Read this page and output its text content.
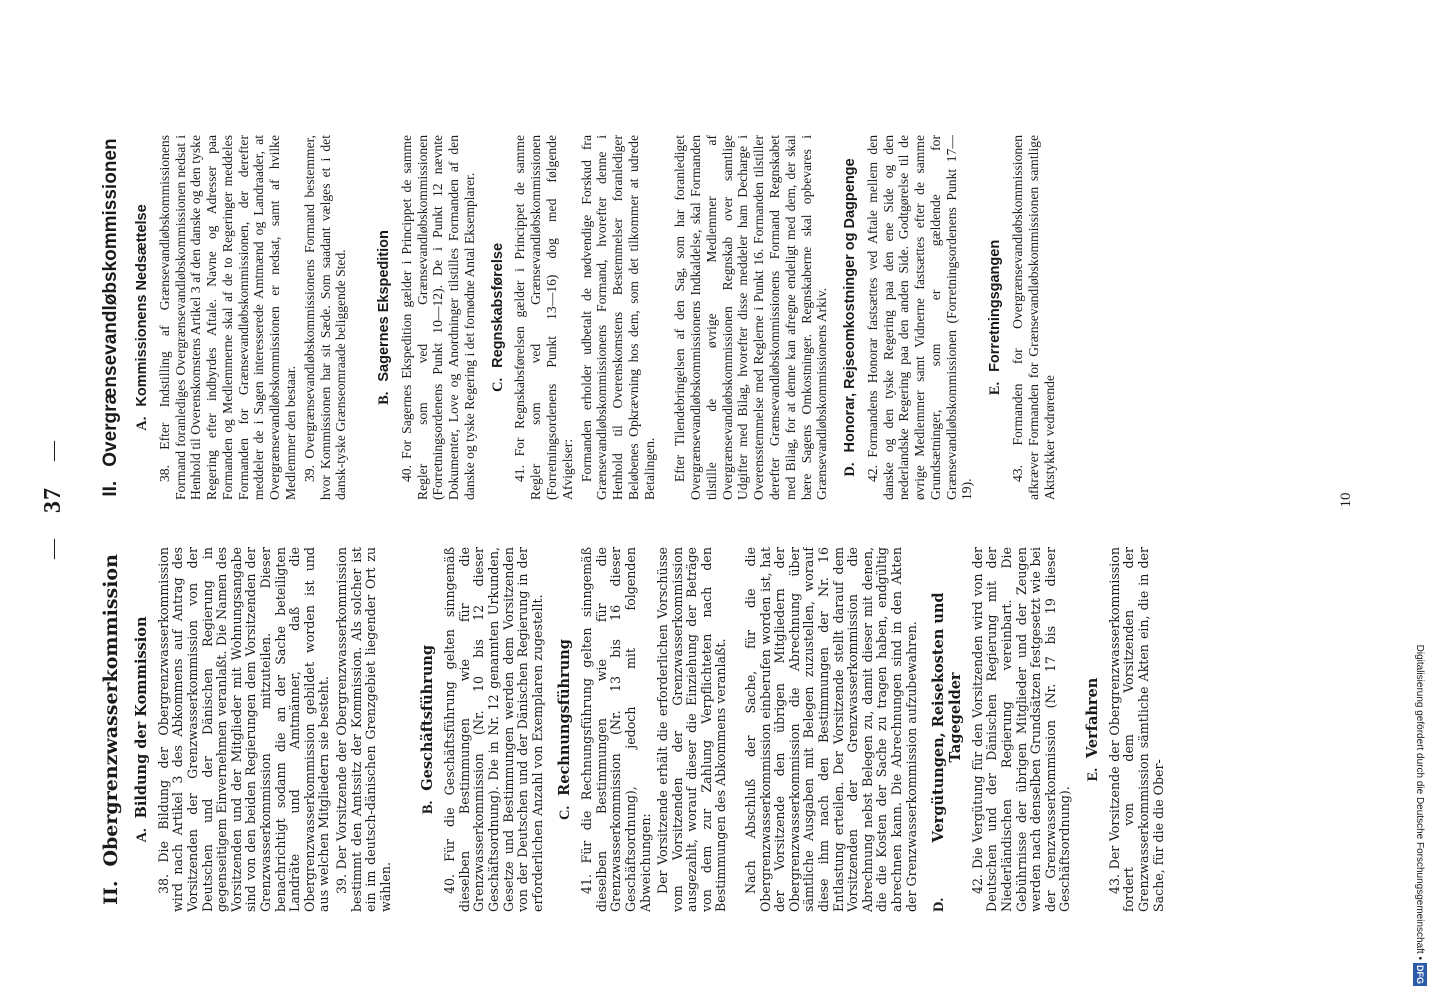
—
37
—
II.
Obergrenzwasserkommission A.
Bildung der Kommission 38. Die Bildung der Obergrenzwasserkommission wird nach Artikel 3 des Abkommens auf Antrag des Vorsitzenden der Grenzwasserkommission von der Deutschen und der Dänischen Regierung in gegenseitigem Einvernehmen veranlaßt. Die Namen des Vorsitzenden und der Mitglieder mit Wohnungsangabe sind von den beiden Regierungen dem Vorsitzenden der Grenzwasserkommission mitzuteilen. Dieser benachrichtigt sodann die an der Sache beteiligten Landräte und Amtmänner, daß die Obergrenzwasserkommission gebildet worden ist und aus welchen Mitgliedern sie besteht. 39. Der Vorsitzende der Obergrenzwasserkommission bestimmt den Amtssitz der Kommission. Als solcher ist ein im deutsch-dänischen Grenzgebiet liegender Ort zu wählen.

B.
Geschäftsführung 40. Für die Geschäftsführung gelten sinngemäß dieselben Bestimmungen wie für die Grenzwasserkommission (Nr. 10 bis 12 dieser Geschäftsordnung). Die in Nr. 12 genannten Urkunden, Gesetze und Bestimmungen werden dem Vorsitzenden von der Deutschen und der Dänischen Regierung in der erforderlichen Anzahl von Exemplaren zugestellt. C.
Rechnungsführung 41. Für die Rechnungsführung gelten sinngemäß dieselben Bestimmungen wie für die Grenzwasserkommission (Nr. 13 bis 16 dieser Geschäftsordnung), jedoch mit folgenden Abweichungen: Der Vorsitzende erhält die erforderlichen Vorschüsse vom Vorsitzenden der Grenzwasserkommission ausgezahlt, worauf dieser die Einziehung der Beträge von dem zur Zahlung Verpflichteten nach den Bestimmungen des Abkommens veranlaßt. Nach Abschluß der Sache, für die die Obergrenzwasserkommission einberufen worden ist, hat der Vorsitzende den übrigen Mitgliedern der Obergrenzwasserkommission die Abrechnung über sämtliche Ausgaben mit Belegen zuzustellen, worauf diese ihm nach den Bestimmungen der Nr. 16 Entlastung erteilen. Der Vorsitzende stellt darauf dem Vorsitzenden der Grenzwasserkommission die Abrechnung nebst Belegen zu, damit dieser mit denen, die die Kosten der Sache zu tragen haben, endgültig abrechnen kann. Die Abrechnungen sind in den Akten der Grenzwasserkommission aufzubewahren. D.
Vergütungen, Reisekosten und Tagegelder 42. Die Vergütung für den Vorsitzenden wird von der Deutschen und der Dänischen Regierung mit der Niederländischen Regierung vereinbart. Die Gebührnisse der übrigen Mitglieder und der Zeugen werden nach denselben Grundsätzen festgesetzt wie bei der Grenzwasserkommission (Nr. 17 bis 19 dieser Geschäftsordnung).

E.
Verfahren 43. Der Vorsitzende der Obergrenzwasserkommission fordert von dem Vorsitzenden der Grenzwasserkommission sämtliche Akten ein, die in der Sache, für die die Ober-

II.
Overgrænsevandløbskommissionen A.
Kommissionens Nedsættelse 38. Efter Indstilling af Grænsevandløbskommissionens Formand foranlediges Overgrænsevandløbskommissionen nedsat i Henhold til Overenskomstens Artikel 3 af den danske og den tyske Regering efter indbyrdes Aftale. Navne og Adresser paa Formanden og Medlemmerne skal af de to Regeringer meddeles Formanden for Grænsevandløbskommissionen, der derefter meddeler de i Sagen interesserede Amtmænd og Landraader, at Overgrænsevandløbskommissionen er nedsat, samt af hvilke Medlemmer den bestaar. 39. Overgrænsevandløbskommissionens Formand bestemmer, hvor Kommissionen har sit Sæde. Som saadant vælges et i det dansk-tyske Grænseomraade beliggende Sted. B.
Sagernes Ekspedition 40. For Sagernes Ekspedition gælder i Princippet de samme Regler som ved Grænsevandløbskommissionen (Forretningsordenens Punkt 10—12). De i Punkt 12 nævnte Dokumenter, Love og Anordninger tilstilles Formanden af den danske og tyske Regering i det fornødne Antal Eksemplarer. C.
Regnskabsførelse 41. For Regnskabsførelsen gælder i Princippet de samme Regler som ved Grænsevandløbskommissionen (Forretningsordenens Punkt 13—16) dog med følgende Afvigelser: Formanden erholder udbetalt de nødvendige Forskud fra Grænsevandløbskommissionens Formand, hvorefter denne i Henhold til Overenskomstens Bestemmelser foranlediger Beløbenes Opkrævning hos dem, som det tilkommer at udrede Betalingen. Efter Tilendebringelsen af den Sag, som har foranlediget Overgrænsevandløbskommissionens Indkaldelse, skal Formanden tilstille de øvrige Medlemmer af Overgrænsevandløbskommissionen Regnskab over samtlige Udgifter med Bilag, hvorefter disse meddeler ham Decharge i Overensstemmelse med Reglerne i Punkt 16. Formanden tilstiller derefter Grænsevandløbskommissionens Formand Regnskabet med Bilag, for at denne kan afregne endeligt med dem, der skal bære Sagens Omkostninger. Regnskaberne skal opbevares i Grænsevandløbskommissionens Arkiv. D.
Honorar, Rejseomkostninger og Dagpenge 42. Formandens Honorar fastsættes ved Aftale mellem den danske og den tyske Regering paa den ene Side og den nederlandske Regering paa den anden Side. Godtgørelse til de øvrige Medlemmer samt Vidnerne fastsættes efter de samme Grundsætninger, som er gældende for Grænsevandløbskommissionen (Forretningsordenens Punkt 17—19).

E.
Forretningsgangen 43. Formanden for Overgrænsevandløbskommissionen afkræver Formanden for Grænsevandløbskommissionen samtlige Aktstykker vedrørende	10
Digitalisierung gefördert durch die Deutsche Forschungsgemeinschaft •
DFG
